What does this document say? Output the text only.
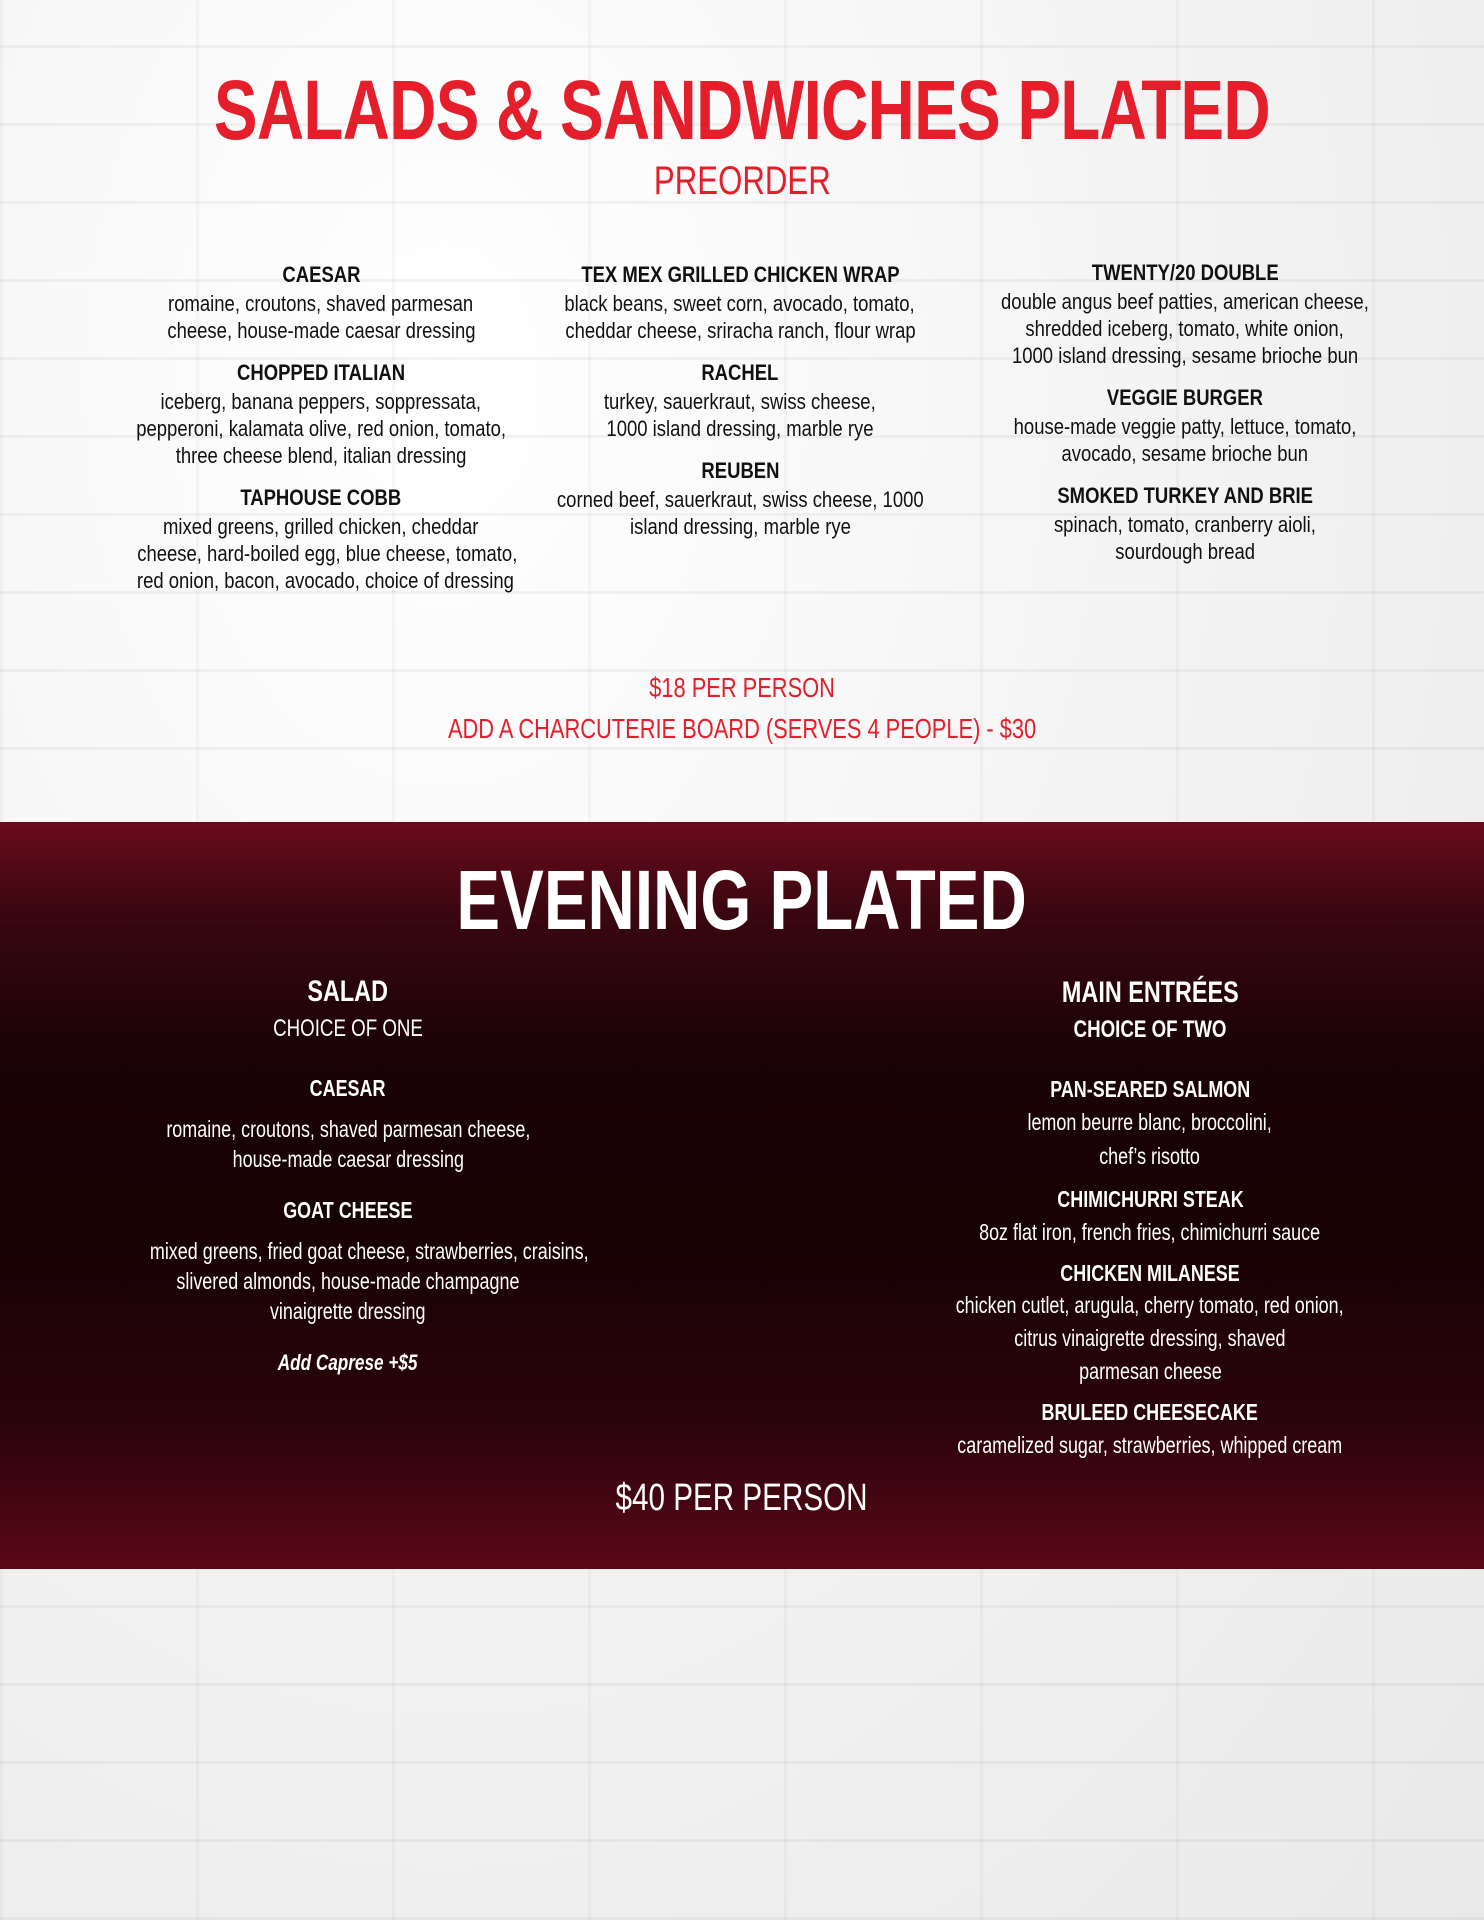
SALADS & SANDWICHES PLATED
PREORDER
CAESAR
romaine, croutons, shaved parmesan
cheese, house-made caesar dressing
CHOPPED ITALIAN
iceberg, banana peppers, soppressata,
pepperoni, kalamata olive, red onion, tomato,
three cheese blend, italian dressing
TAPHOUSE COBB
mixed greens, grilled chicken, cheddar
cheese, hard-boiled egg, blue cheese, tomato,
red onion, bacon, avocado, choice of dressing
TEX MEX GRILLED CHICKEN WRAP
black beans, sweet corn, avocado, tomato,
cheddar cheese, sriracha ranch, flour wrap
RACHEL
turkey, sauerkraut, swiss cheese,
1000 island dressing, marble rye
REUBEN
corned beef, sauerkraut, swiss cheese, 1000
island dressing, marble rye
TWENTY/20 DOUBLE
double angus beef patties, american cheese,
shredded iceberg, tomato, white onion,
1000 island dressing, sesame brioche bun
VEGGIE BURGER
house-made veggie patty, lettuce, tomato,
avocado, sesame brioche bun
SMOKED TURKEY AND BRIE
spinach, tomato, cranberry aioli,
sourdough bread
$18 PER PERSON
ADD A CHARCUTERIE BOARD (SERVES 4 PEOPLE) - $30
EVENING PLATED
SALAD
CHOICE OF ONE
CAESAR
romaine, croutons, shaved parmesan cheese,
house-made caesar dressing
GOAT CHEESE
mixed greens, fried goat cheese, strawberries, craisins,
slivered almonds, house-made champagne
vinaigrette dressing
Add Caprese +$5
MAIN ENTRÉES
CHOICE OF TWO
PAN-SEARED SALMON
lemon beurre blanc, broccolini,
chef’s risotto
CHIMICHURRI STEAK
8oz flat iron, french fries, chimichurri sauce
CHICKEN MILANESE
chicken cutlet, arugula, cherry tomato, red onion,
citrus vinaigrette dressing, shaved
parmesan cheese
BRULEED CHEESECAKE
caramelized sugar, strawberries, whipped cream
$40 PER PERSON
